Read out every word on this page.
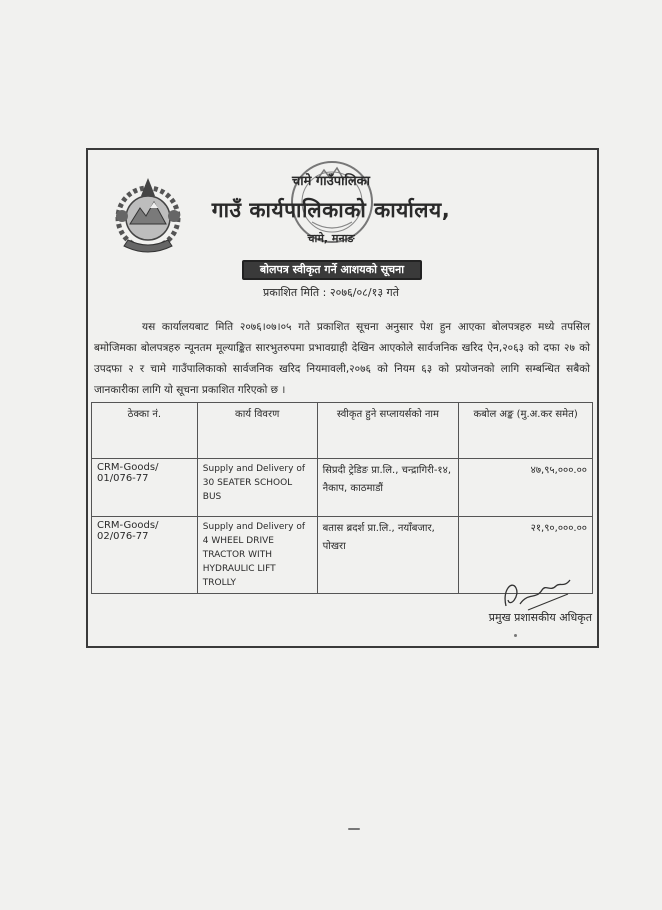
चामे गाउँपालिका
गाउँ कार्यपालिकाको कार्यालय,
चामे, मनाङ
बोलपत्र स्वीकृत गर्ने आशयको सूचना
प्रकाशित मिति : २०७६/०८/१३ गते
यस कार्यालयबाट मिति २०७६।०७।०५ गते प्रकाशित सूचना अनुसार पेश हुन आएका बोलपत्रहरु मध्ये तपसिल बमोजिमका बोलपत्रहरु न्यूनतम मूल्याङ्कित सारभुतरुपमा प्रभावग्राही देखिन आएकोले सार्वजनिक खरिद ऐन,२०६३ को दफा २७ को उपदफा २ र चामे गाउँपालिकाको सार्वजनिक खरिद नियमावली,२०७६ को नियम ६३ को प्रयोजनको लागि सम्बन्धित सबैको जानकारीका लागि यो सूचना प्रकाशित गरिएको छ ।
ठेक्का नं.	कार्य विवरण	स्वीकृत हुने सप्लायर्सको नाम	कबोल अङ्क (मु.अ.कर समेत)
CRM-Goods/ 01/076-77	Supply and Delivery of 30 SEATER SCHOOL BUS	सिप्रदी ट्रेडिङ प्रा.लि., चन्द्रागिरी-१४, नैकाप, काठमाडौं	४७,९५,०००.००
CRM-Goods/ 02/076-77	Supply and Delivery of 4 WHEEL DRIVE TRACTOR WITH HYDRAULIC LIFT TROLLY	बतास ब्रदर्श प्रा.लि., नयाँबजार, पोखरा	२१,९०,०००.००
प्रमुख प्रशासकीय अधिकृत
